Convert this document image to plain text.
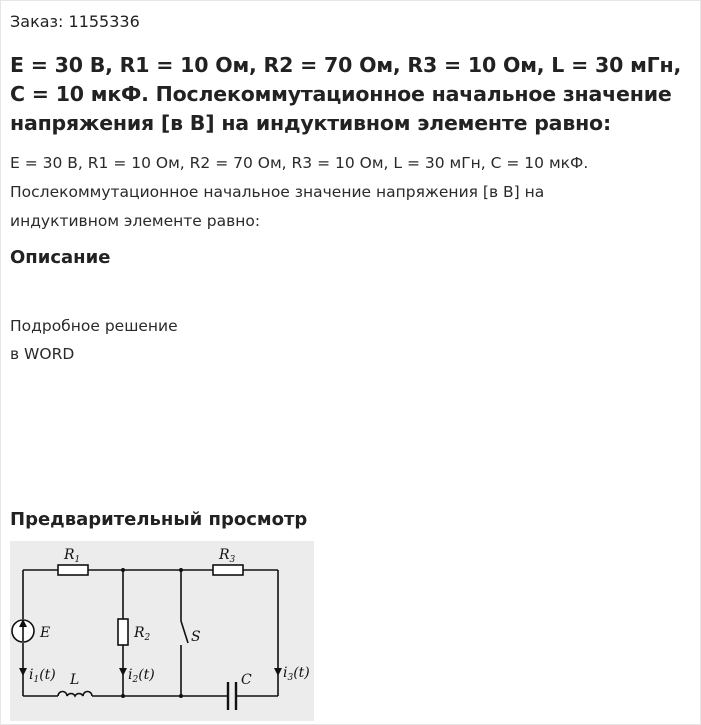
Заказ: 1155336
E = 30 В, R1 = 10 Ом, R2 = 70 Ом, R3 = 10 Ом, L = 30 мГн, C = 10 мкФ. Послекоммутационное начальное значение напряжения [в В] на индуктивном элементе равно:
E = 30 В, R1 = 10 Ом, R2 = 70 Ом, R3 = 10 Ом, L = 30 мГн, C = 10 мкФ.
Послекоммутационное начальное значение напряжения [в В] на
индуктивном элементе равно:
Описание
Подробное решение
в WORD
Предварительный просмотр
$R_1$	$R_3$
$R_2$
E	S
L	C
$i_1(t)$	$i_2(t)$	$i_3(t)$
